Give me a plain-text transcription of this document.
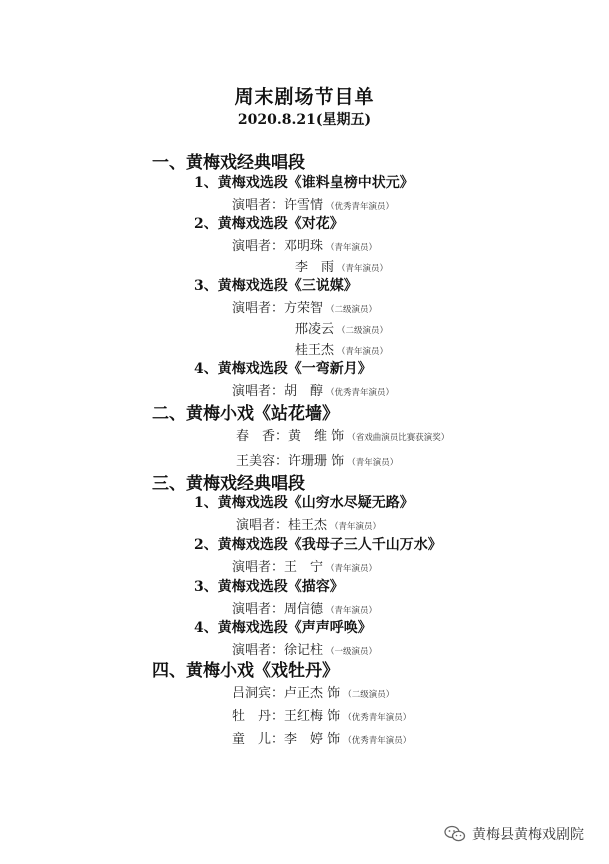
周末剧场节目单
2020.8.21(星期五)
一、黄梅戏经典唱段
1、黄梅戏选段《谁料皇榜中状元》
演唱者：许雪情 （优秀青年演员）
2、黄梅戏选段《对花》
演唱者：邓明珠 （青年演员）
李　雨 （青年演员）
3、黄梅戏选段《三说媒》
演唱者：方荣智 （二级演员）
邢凌云 （二级演员）
桂王杰 （青年演员）
4、黄梅戏选段《一弯新月》
演唱者：胡　醇 （优秀青年演员）
二、黄梅小戏《站花墙》
春　香：黄　维 饰 （省戏曲演员比赛获演奖）
王美容：许珊珊 饰 （青年演员）
三、黄梅戏经典唱段
1、黄梅戏选段《山穷水尽疑无路》
演唱者：桂王杰 （青年演员）
2、黄梅戏选段《我母子三人千山万水》
演唱者：王　宁 （青年演员）
3、黄梅戏选段《描容》
演唱者：周信德 （青年演员）
4、黄梅戏选段《声声呼唤》
演唱者：徐记柱 （一级演员）
四、黄梅小戏《戏牡丹》
吕洞宾：卢正杰 饰 （二级演员）
牡　丹：王红梅 饰 （优秀青年演员）
童　儿：李　婷 饰 （优秀青年演员）
黄梅县黄梅戏剧院
